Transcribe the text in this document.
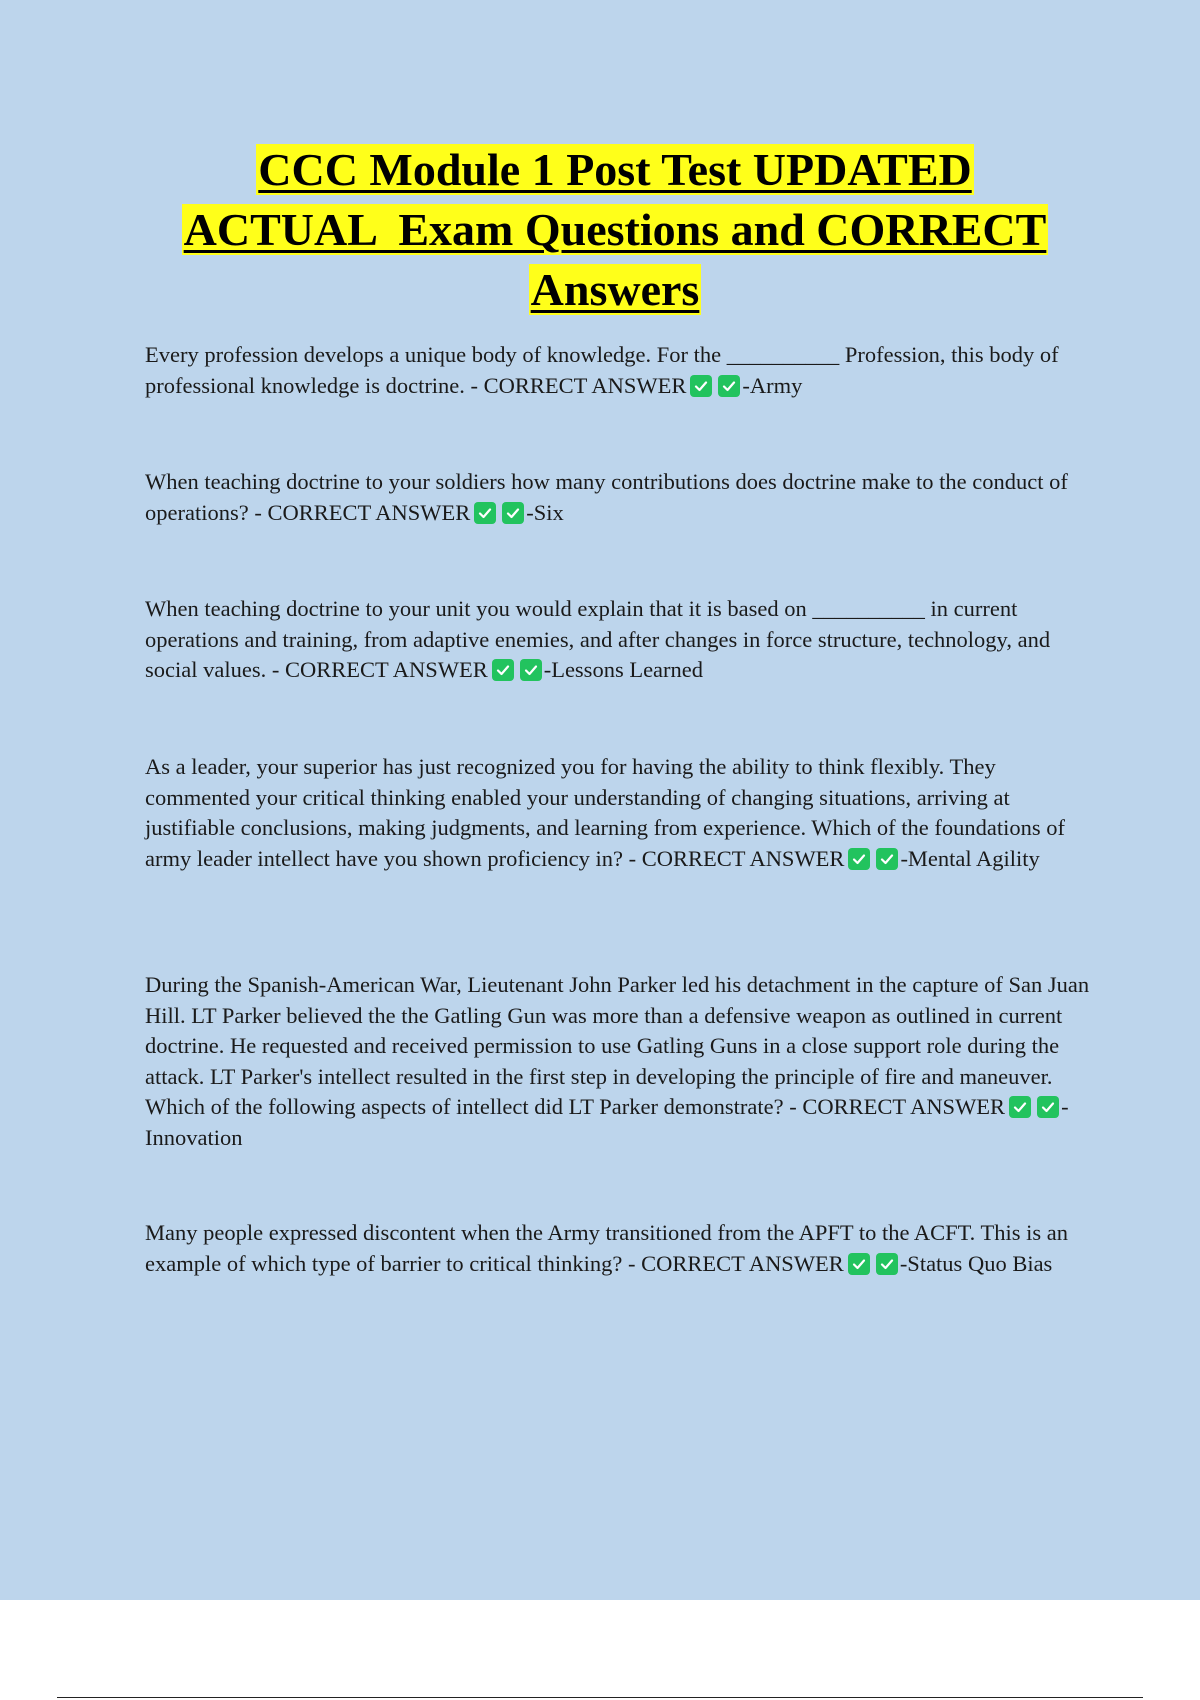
CCC Module 1 Post Test UPDATED
ACTUAL  Exam Questions and CORRECT
Answers

Every profession develops a unique body of knowledge. For the __________ Profession, this body of professional knowledge is doctrine. - CORRECT ANSWER -Army

When teaching doctrine to your soldiers how many contributions does doctrine make to the conduct of operations? - CORRECT ANSWER -Six

When teaching doctrine to your unit you would explain that it is based on __________ in current operations and training, from adaptive enemies, and after changes in force structure, technology, and social values. - CORRECT ANSWER -Lessons Learned

As a leader, your superior has just recognized you for having the ability to think flexibly. They commented your critical thinking enabled your understanding of changing situations, arriving at justifiable conclusions, making judgments, and learning from experience. Which of the foundations of army leader intellect have you shown proficiency in? - CORRECT ANSWER -Mental Agility

During the Spanish-American War, Lieutenant John Parker led his detachment in the capture of San Juan Hill. LT Parker believed the the Gatling Gun was more than a defensive weapon as outlined in current doctrine. He requested and received permission to use Gatling Guns in a close support role during the attack. LT Parker's intellect resulted in the first step in developing the principle of fire and maneuver. Which of the following aspects of intellect did LT Parker demonstrate? - CORRECT ANSWER -Innovation

Many people expressed discontent when the Army transitioned from the APFT to the ACFT. This is an example of which type of barrier to critical thinking? - CORRECT ANSWER -Status Quo Bias
